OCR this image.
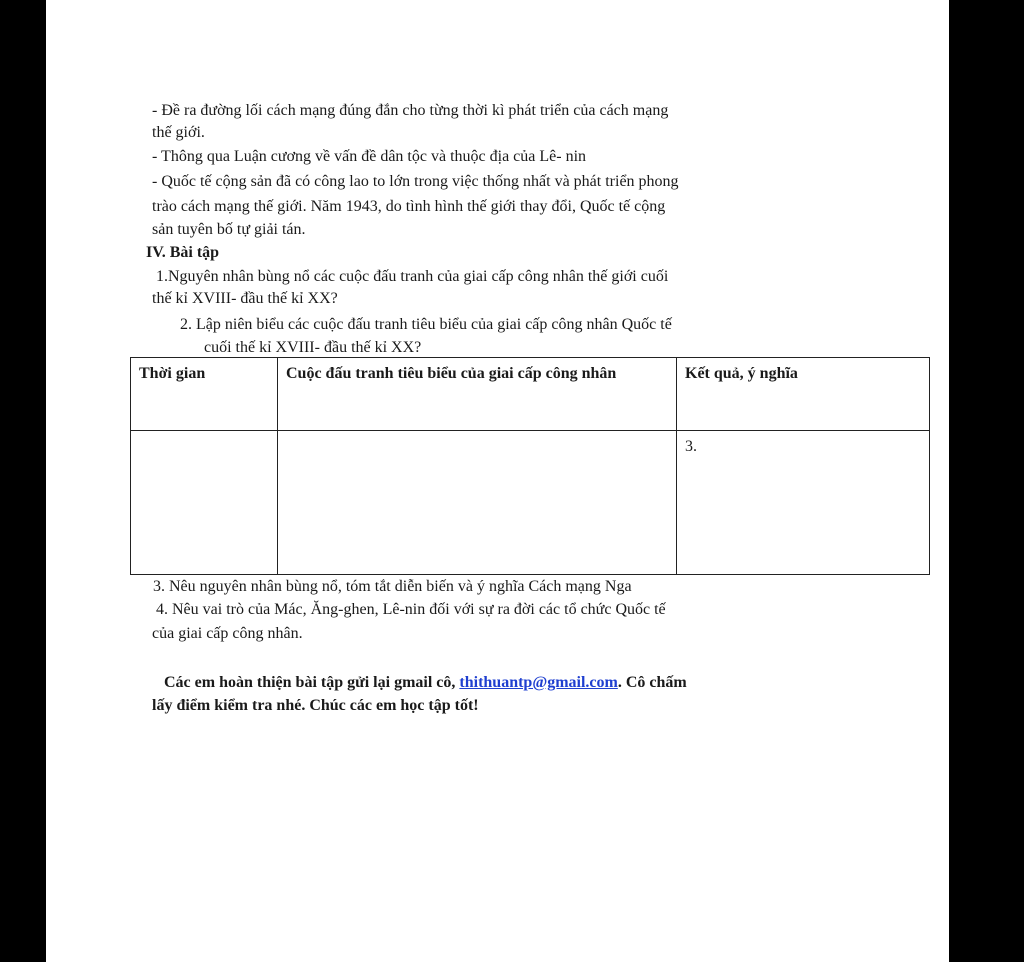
- Đề ra đường lối cách mạng đúng đắn cho từng thời kì phát triển của cách mạng
thế giới.
- Thông qua Luận cương về vấn đề dân tộc và thuộc địa của Lê- nin
- Quốc tế cộng sản đã có công lao to lớn trong việc thống nhất và phát triển phong
trào cách mạng thế giới. Năm 1943, do tình hình thế giới thay đổi, Quốc tế cộng
sản tuyên bố tự giải tán.
IV. Bài tập
1.Nguyên nhân bùng nổ các cuộc đấu tranh của giai cấp công nhân thế giới cuối
thế kỉ XVIII- đầu thế kỉ XX?
2. Lập niên biểu các cuộc đấu tranh tiêu biểu của giai cấp công nhân Quốc tế
cuối thế kỉ XVIII- đầu thế kỉ XX?
Thời gian	Cuộc đấu tranh tiêu biểu của giai cấp công nhân	Kết quả, ý nghĩa
		3.
3. Nêu nguyên nhân bùng nổ, tóm tắt diễn biến và ý nghĩa Cách mạng Nga
4. Nêu vai trò của Mác, Ăng-ghen, Lê-nin đối với sự ra đời các tổ chức Quốc tế
của giai cấp công nhân.
Các em hoàn thiện bài tập gửi lại gmail cô, thithuantp@gmail.com. Cô chấm
lấy điểm kiểm tra nhé. Chúc các em học tập tốt!
